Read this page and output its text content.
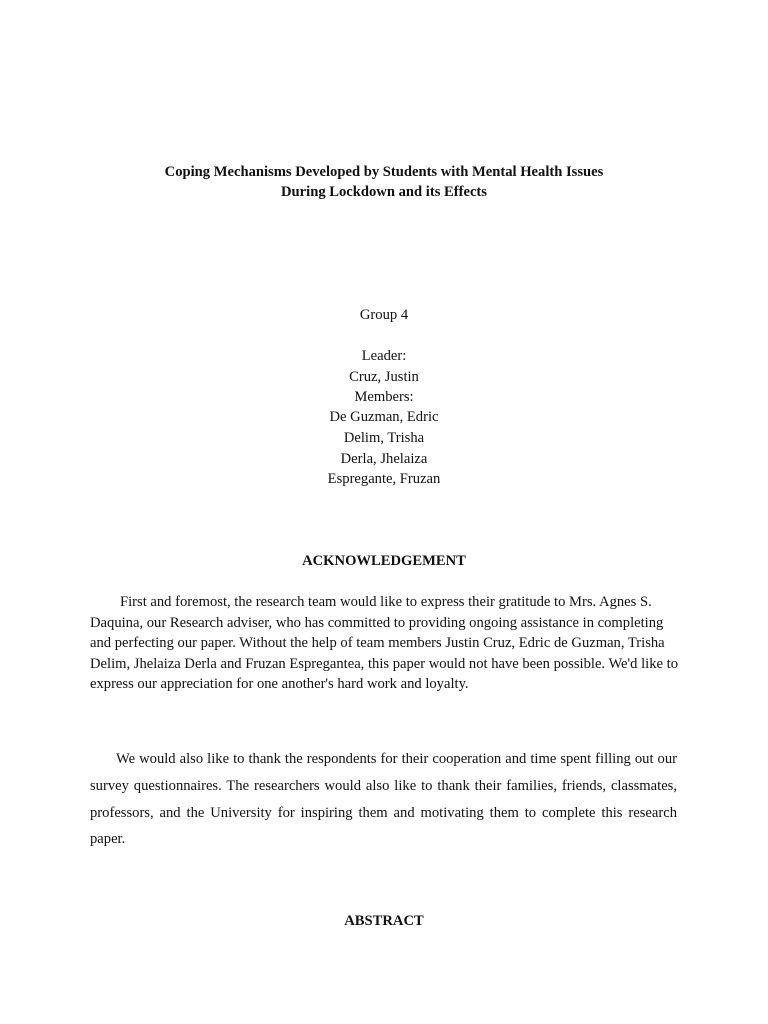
Coping Mechanisms Developed by Students with Mental Health Issues
During Lockdown and its Effects
Group 4
Leader:
Cruz, Justin
Members:
De Guzman, Edric
Delim, Trisha
Derla, Jhelaiza
Espregante, Fruzan
ACKNOWLEDGEMENT
First and foremost, the research team would like to express their gratitude to Mrs. Agnes S. Daquina, our Research adviser, who has committed to providing ongoing assistance in completing and perfecting our paper. Without the help of team members Justin Cruz, Edric de Guzman, Trisha Delim, Jhelaiza Derla and Fruzan Espregantea, this paper would not have been possible. We'd like to express our appreciation for one another's hard work and loyalty.
We would also like to thank the respondents for their cooperation and time spent filling out our survey questionnaires. The researchers would also like to thank their families, friends, classmates, professors, and the University for inspiring them and motivating them to complete this research paper.
ABSTRACT
